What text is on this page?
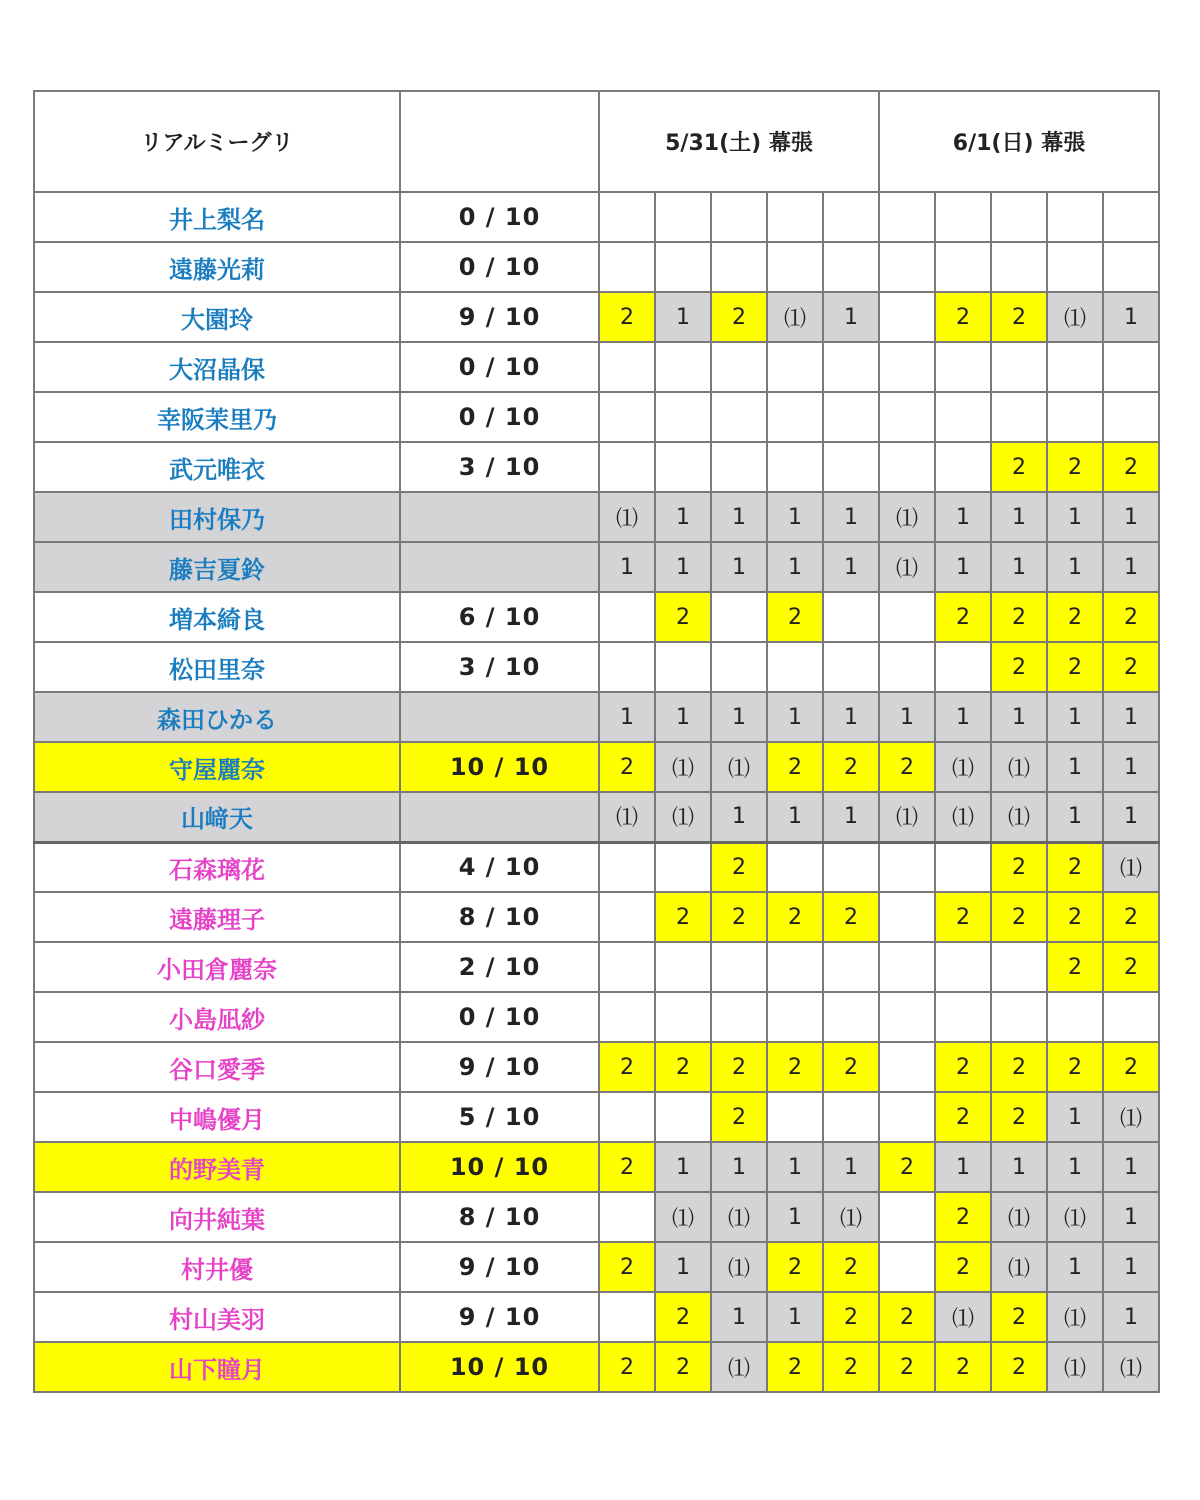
リアルミーグリ		5/31(土) 幕張					6/1(日) 幕張				
井上梨名	0 / 10										
遠藤光莉	0 / 10										
大園玲	9 / 10	2	1	2	⑴	1		2	2	⑴	1
大沼晶保	0 / 10										
幸阪茉里乃	0 / 10										
武元唯衣	3 / 10								2	2	2
田村保乃		⑴	1	1	1	1	⑴	1	1	1	1
藤吉夏鈴		1	1	1	1	1	⑴	1	1	1	1
増本綺良	6 / 10		2		2			2	2	2	2
松田里奈	3 / 10								2	2	2
森田ひかる		1	1	1	1	1	1	1	1	1	1
守屋麗奈	10 / 10	2	⑴	⑴	2	2	2	⑴	⑴	1	1
山﨑天		⑴	⑴	1	1	1	⑴	⑴	⑴	1	1
石森璃花	4 / 10			2					2	2	⑴
遠藤理子	8 / 10		2	2	2	2		2	2	2	2
小田倉麗奈	2 / 10									2	2
小島凪紗	0 / 10										
谷口愛季	9 / 10	2	2	2	2	2		2	2	2	2
中嶋優月	5 / 10			2				2	2	1	⑴
的野美青	10 / 10	2	1	1	1	1	2	1	1	1	1
向井純葉	8 / 10		⑴	⑴	1	⑴		2	⑴	⑴	1
村井優	9 / 10	2	1	⑴	2	2		2	⑴	1	1
村山美羽	9 / 10		2	1	1	2	2	⑴	2	⑴	1
山下瞳月	10 / 10	2	2	⑴	2	2	2	2	2	⑴	⑴
